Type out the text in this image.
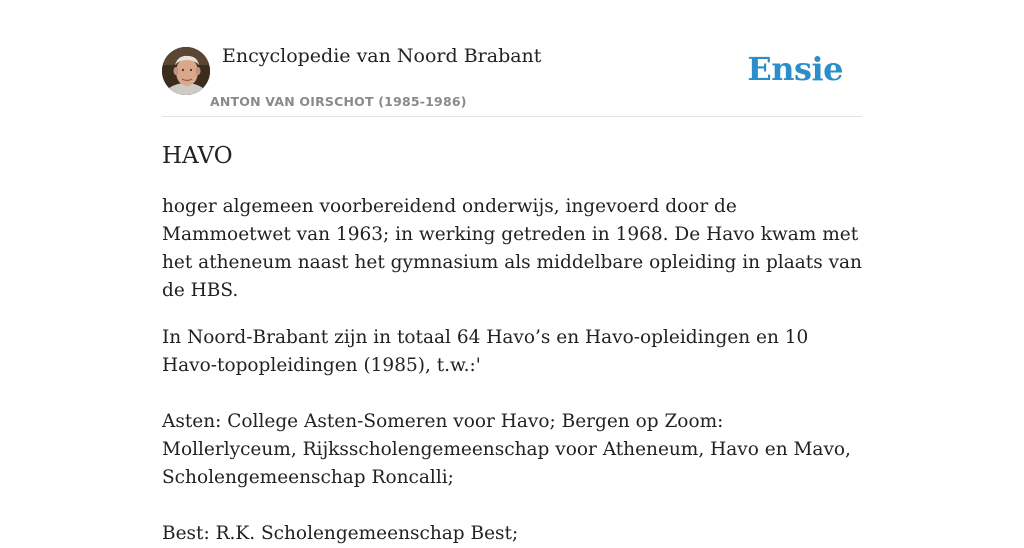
Encyclopedie van Noord Brabant
ANTON VAN OIRSCHOT (1985-1986)
Ensie
HAVO

hoger algemeen voorbereidend onderwijs, ingevoerd door de Mammoetwet van 1963; in werking getreden in 1968. De Havo kwam met het atheneum naast het gymnasium als middelbare opleiding in plaats van de HBS.

In Noord-Brabant zijn in totaal 64 Havo’s en Havo-opleidingen en 10 Havo-topopleidingen (1985), t.w.:'

Asten: College Asten-Someren voor Havo; Bergen op Zoom: Mollerlyceum, Rijksscholengemeenschap voor Atheneum, Havo en Mavo, Scholengemeenschap Roncalli;

Best: R.K. Scholengemeenschap Best;
